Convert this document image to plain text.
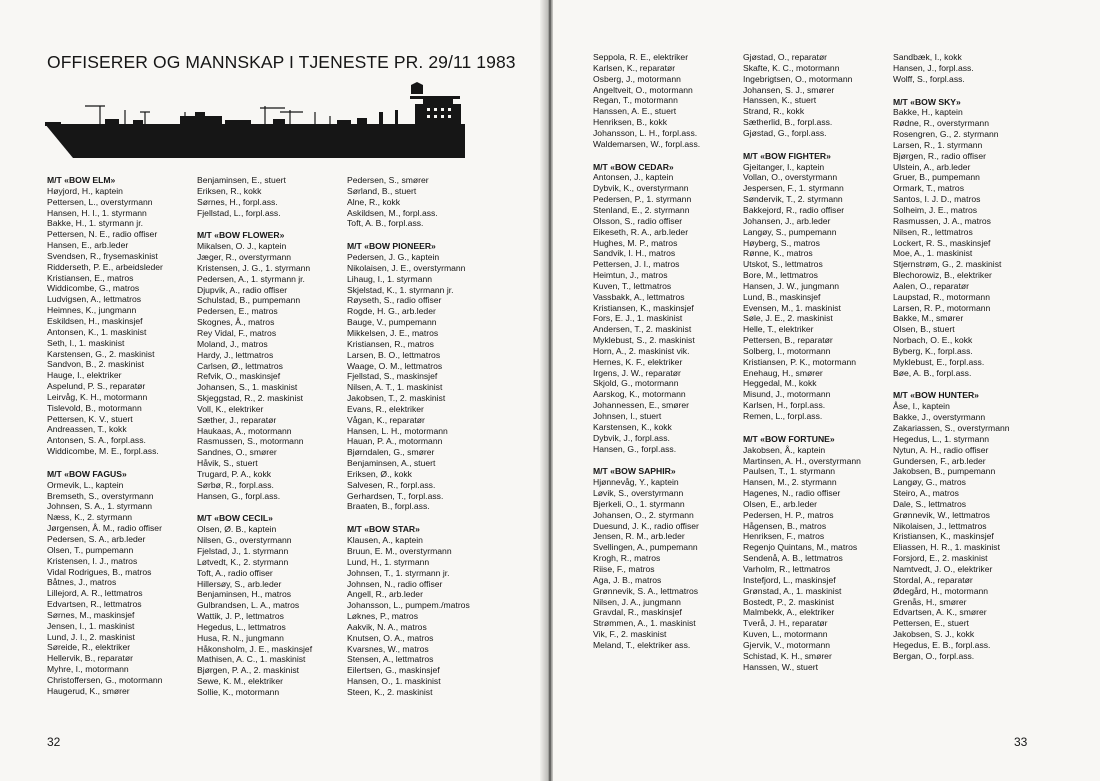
OFFISERER OG MANNSKAP I TJENESTE PR. 29/11 1983
M/T «BOW ELM»
Høyjord, H., kaptein
Pettersen, L., overstyrmann
Hansen, H. I., 1. styrmann
Bakke, H., 1. styrmann jr.
Pettersen, N. E., radio offiser
Hansen, E., arb.leder
Svendsen, R., frysemaskinist
Ridderseth, P. E., arbeidsleder
Kristiansen, E., matros
Widdicombe, G., matros
Ludvigsen, A., lettmatros
Heimnes, K., jungmann
Eskildsen, H., maskinsjef
Antonsen, K., 1. maskinist
Seth, I., 1. maskinist
Karstensen, G., 2. maskinist
Sandvon, B., 2. maskinist
Hauge, I., elektriker
Aspelund, P. S., reparatør
Leirvåg, K. H., motormann
Tislevold, B., motormann
Pettersen, K. V., stuert
Andreassen, T., kokk
Antonsen, S. A., forpl.ass.
Widdicombe, M. E., forpl.ass.
M/T «BOW FAGUS»
Ormevik, L., kaptein
Bremseth, S., overstyrmann
Johnsen, S. A., 1. styrmann
Næss, K., 2. styrmann
Jørgensen, Å. M., radio offiser
Pedersen, S. A., arb.leder
Olsen, T., pumpemann
Kristensen, I. J., matros
Vidal Rodrigues, B., matros
Båtnes, J., matros
Lillejord, A. R., lettmatros
Edvartsen, R., lettmatros
Sørnes, M., maskinsjef
Jensen, I., 1. maskinist
Lund, J. I., 2. maskinist
Søreide, R., elektriker
Hellervik, B., reparatør
Myhre, I., motormann
Christoffersen, G., motormann
Haugerud, K., smører
Benjaminsen, E., stuert
Eriksen, R., kokk
Sørnes, H., forpl.ass.
Fjellstad, L., forpl.ass.
M/T «BOW FLOWER»
Mikalsen, O. J., kaptein
Jæger, R., overstyrmann
Kristensen, J. G., 1. styrmann
Pedersen, A., 1. styrmann jr.
Djupvik, A., radio offiser
Schulstad, B., pumpemann
Pedersen, E., matros
Skognes, Å., matros
Rey Vidal, F., matros
Moland, J., matros
Hardy, J., lettmatros
Carlsen, Ø., lettmatros
Refvik, O., maskinsjef
Johansen, S., 1. maskinist
Skjeggstad, R., 2. maskinist
Voll, K., elektriker
Sæther, J., reparatør
Haukaas, A., motormann
Rasmussen, S., motormann
Sandnes, O., smører
Håvik, S., stuert
Trugard, P. A., kokk
Sørbø, R., forpl.ass.
Hansen, G., forpl.ass.
M/T «BOW CECIL»
Olsen, Ø. B., kaptein
Nilsen, G., overstyrmann
Fjelstad, J., 1. styrmann
Løtvedt, K., 2. styrmann
Toft, A., radio offiser
Hillersøy, S., arb.leder
Benjaminsen, H., matros
Gulbrandsen, L. A., matros
Wattik, J. P., lettmatros
Hegedus, L., lettmatros
Husa, R. N., jungmann
Håkonsholm, J. E., maskinsjef
Mathisen, A. C., 1. maskinist
Bjørgen, P. A., 2. maskinist
Sewe, K. M., elektriker
Sollie, K., motormann
Pedersen, S., smører
Sørland, B., stuert
Alne, R., kokk
Askildsen, M., forpl.ass.
Toft, A. B., forpl.ass.
M/T «BOW PIONEER»
Pedersen, J. G., kaptein
Nikolaisen, J. E., overstyrmann
Lihaug, I., 1. styrmann
Skjelstad, K., 1. styrmann jr.
Røyseth, S., radio offiser
Rogde, H. G., arb.leder
Bauge, V., pumpemann
Mikkelsen, J. E., matros
Kristiansen, R., matros
Larsen, B. O., lettmatros
Waage, O. M., lettmatros
Fjellstad, S., maskinsjef
Nilsen, A. T., 1. maskinist
Jakobsen, T., 2. maskinist
Evans, R., elektriker
Vågan, K., reparatør
Hansen, L. H., motormann
Hauan, P. A., motormann
Bjørndalen, G., smører
Benjaminsen, A., stuert
Eriksen, Ø., kokk
Salvesen, R., forpl.ass.
Gerhardsen, T., forpl.ass.
Braaten, B., forpl.ass.
M/T «BOW STAR»
Klausen, A., kaptein
Bruun, E. M., overstyrmann
Lund, H., 1. styrmann
Johnsen, T., 1. styrmann jr.
Johnsen, N., radio offiser
Angell, R., arb.leder
Johansson, L., pumpem./matros
Løknes, P., matros
Aakvik, N. A., matros
Knutsen, O. A., matros
Kvarsnes, W., matros
Stensen, A., lettmatros
Eilertsen, G., maskinsjef
Hansen, O., 1. maskinist
Steen, K., 2. maskinist
32	33
Seppola, R. E., elektriker
Karlsen, K., reparatør
Osberg, J., motormann
Angeltveit, O., motormann
Regan, T., motormann
Hanssen, A. E., stuert
Henriksen, B., kokk
Johansson, L. H., forpl.ass.
Waldemarsen, W., forpl.ass.
M/T «BOW CEDAR»
Antonsen, J., kaptein
Dybvik, K., overstyrmann
Pedersen, P., 1. styrmann
Stenland, E., 2. styrmann
Olsson, S., radio offiser
Eikeseth, R. A., arb.leder
Hughes, M. P., matros
Sandvik, I. H., matros
Pettersen, J. I., matros
Heimtun, J., matros
Kuven, T., lettmatros
Vassbakk, A., lettmatros
Kristiansen, K., maskinsjef
Fors, E. J., 1. maskinist
Andersen, T., 2. maskinist
Myklebust, S., 2. maskinist
Horn, A., 2. maskinist vik.
Hernes, K. F., elektriker
Irgens, J. W., reparatør
Skjold, G., motormann
Aarskog, K., motormann
Johannessen, E., smører
Johnsen, I., stuert
Karstensen, K., kokk
Dybvik, J., forpl.ass.
Hansen, G., forpl.ass.
M/T «BOW SAPHIR»
Hjønnevåg, Y., kaptein
Løvik, S., overstyrmann
Bjerkeli, O., 1. styrmann
Johansen, O., 2. styrmann
Duesund, J. K., radio offiser
Jensen, R. M., arb.leder
Svellingen, A., pumpemann
Krogh, R., matros
Riise, F., matros
Aga, J. B., matros
Grønnevik, S. A., lettmatros
Nilsen, J. A., jungmann
Gravdal, R., maskinsjef
Strømmen, A., 1. maskinist
Vik, F., 2. maskinist
Meland, T., elektriker ass.
Gjøstad, O., reparatør
Skafte, K. C., motormann
Ingebrigtsen, O., motormann
Johansen, S. J., smører
Hanssen, K., stuert
Strand, R., kokk
Sætherlid, B., forpl.ass.
Gjøstad, G., forpl.ass.
M/T «BOW FIGHTER»
Gjeitanger, I., kaptein
Vollan, O., overstyrmann
Jespersen, F., 1. styrmann
Søndervik, T., 2. styrmann
Bakkejord, R., radio offiser
Johansen, J., arb.leder
Langøy, S., pumpemann
Høyberg, S., matros
Rønne, K., matros
Utskot, S., lettmatros
Bore, M., lettmatros
Hansen, J. W., jungmann
Lund, B., maskinsjef
Evensen, M., 1. maskinist
Søle, J. E., 2. maskinist
Helle, T., elektriker
Pettersen, B., reparatør
Solberg, I., motormann
Kristiansen, P. K., motormann
Enehaug, H., smører
Heggedal, M., kokk
Misund, J., motormann
Karlsen, H., forpl.ass.
Remen, L., forpl.ass.
M/T «BOW FORTUNE»
Jakobsen, Å., kaptein
Martinsen, A. H., overstyrmann
Paulsen, T., 1. styrmann
Hansen, M., 2. styrmann
Hagenes, N., radio offiser
Olsen, E., arb.leder
Pedersen, H. P., matros
Hågensen, B., matros
Henriksen, F., matros
Regenjo Quintans, M., matros
Sendenå, A. B., lettmatros
Varholm, R., lettmatros
Instefjord, L., maskinsjef
Grønstad, A., 1. maskinist
Bostedt, P., 2. maskinist
Malmbekk, A., elektriker
Tverå, J. H., reparatør
Kuven, L., motormann
Gjervik, V., motormann
Schistad, K. H., smører
Hanssen, W., stuert
Sandbæk, I., kokk
Hansen, J., forpl.ass.
Wolff, S., forpl.ass.
M/T «BOW SKY»
Bakke, H., kaptein
Rødne, R., overstyrmann
Rosengren, G., 2. styrmann
Larsen, R., 1. styrmann
Bjørgen, R., radio offiser
Ulstein, A., arb.leder
Gruer, B., pumpemann
Ormark, T., matros
Santos, I. J. D., matros
Solheim, J. E., matros
Rasmussen, J. A., matros
Nilsen, R., lettmatros
Lockert, R. S., maskinsjef
Moe, A., 1. maskinist
Stjernstrøm, G., 2. maskinist
Blechorowiz, B., elektriker
Aalen, O., reparatør
Laupstad, R., motormann
Larsen, R. P., motormann
Bakke, M., smører
Olsen, B., stuert
Norbach, O. E., kokk
Byberg, K., forpl.ass.
Myklebust, E., forpl.ass.
Bøe, A. B., forpl.ass.
M/T «BOW HUNTER»
Åse, I., kaptein
Bakke, J., overstyrmann
Zakariassen, S., overstyrmann
Hegedus, L., 1. styrmann
Nytun, A. H., radio offiser
Gundersen, F., arb.leder
Jakobsen, B., pumpemann
Langøy, G., matros
Steiro, A., matros
Dale, S., lettmatros
Grønnevik, W., lettmatros
Nikolaisen, J., lettmatros
Kristiansen, K., maskinsjef
Eliassen, H. R., 1. maskinist
Forsjord, E., 2. maskinist
Namtvedt, J. O., elektriker
Stordal, A., reparatør
Ødegård, H., motormann
Grenås, H., smører
Edvartsen, A. K., smører
Pettersen, E., stuert
Jakobsen, S. J., kokk
Hegedus, E. B., forpl.ass.
Bergan, O., forpl.ass.
